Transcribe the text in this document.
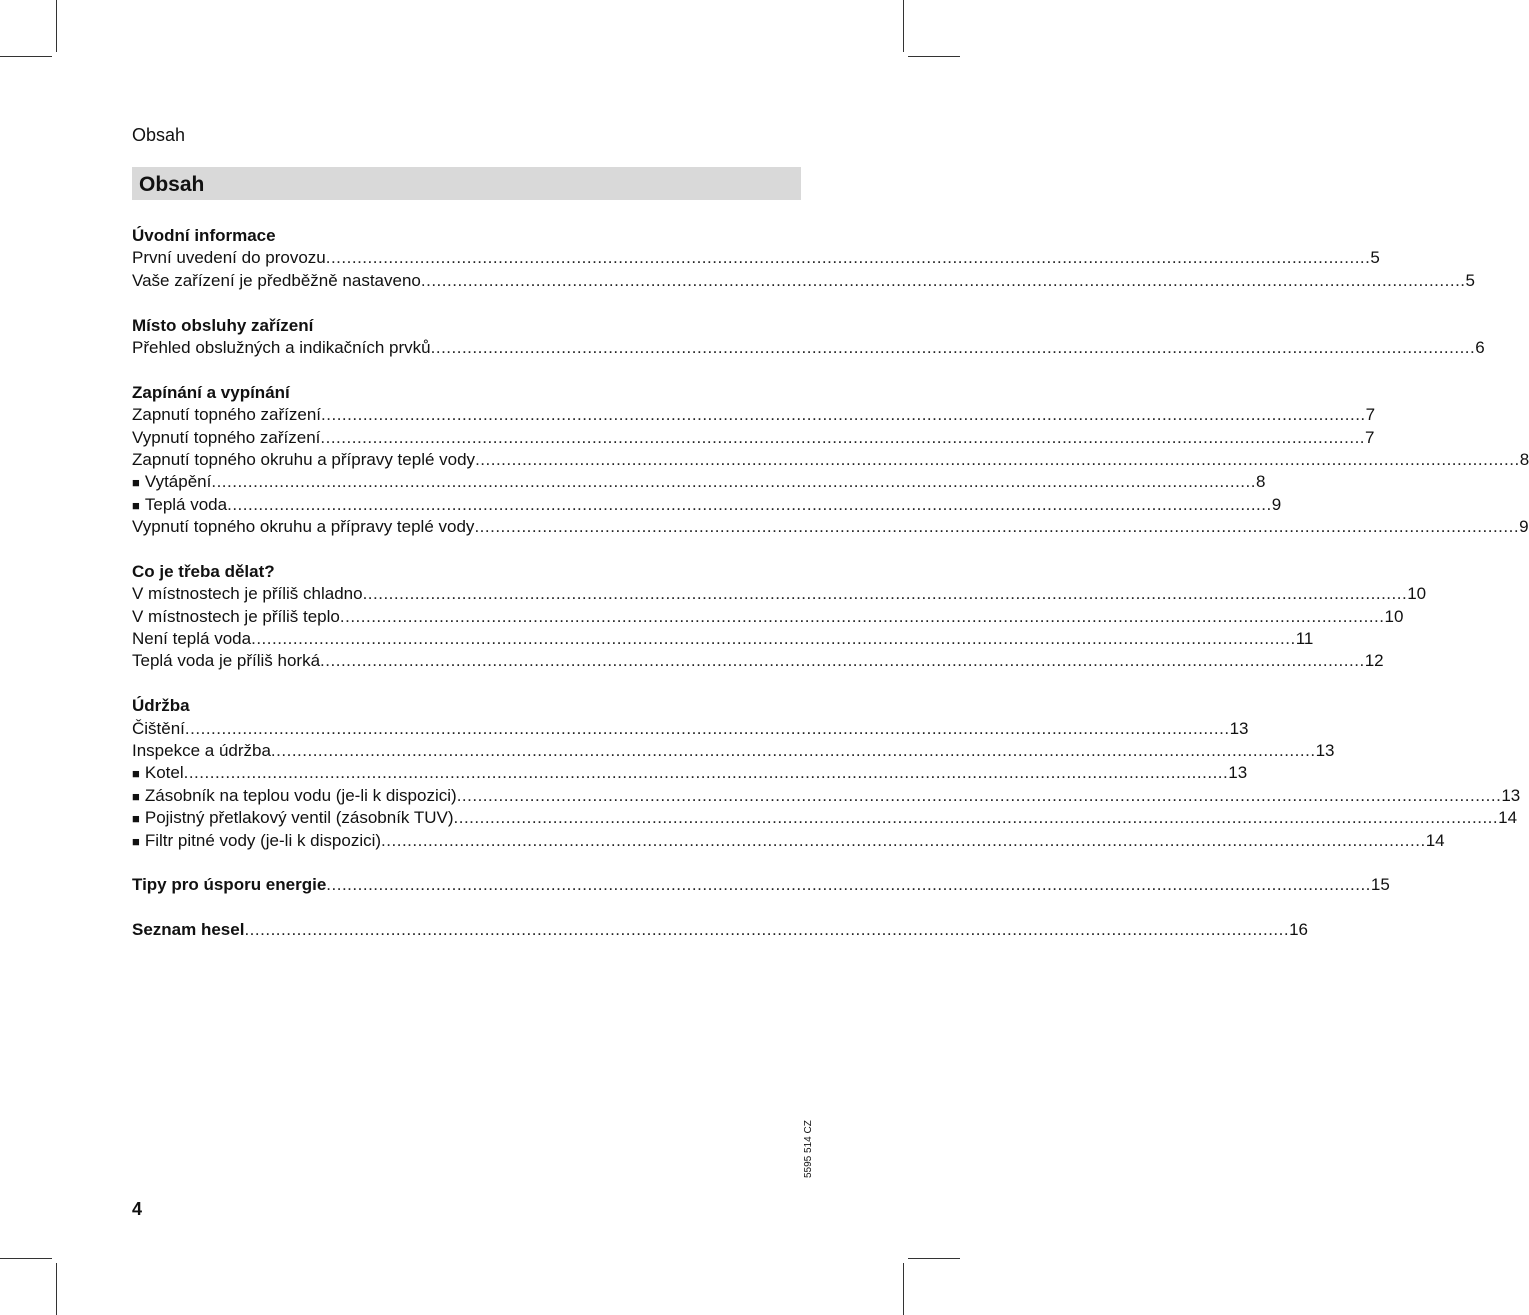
Obsah
Obsah
Úvodní informace
První uvedení do provozu ........................................................................................................................................................................................................ 5
Vaše zařízení je předběžně nastaveno ........................................................................................................................................................................................................ 5
Místo obsluhy zařízení
Přehled obslužných a indikačních prvků ........................................................................................................................................................................................................ 6
Zapínání a vypínání
Zapnutí topného zařízení ........................................................................................................................................................................................................ 7
Vypnutí topného zařízení ........................................................................................................................................................................................................ 7
Zapnutí topného okruhu a přípravy teplé vody ........................................................................................................................................................................................................ 8
■ Vytápění ........................................................................................................................................................................................................ 8
■ Teplá voda ........................................................................................................................................................................................................ 9
Vypnutí topného okruhu a přípravy teplé vody ........................................................................................................................................................................................................ 9
Co je třeba dělat?
V místnostech je příliš chladno ........................................................................................................................................................................................................ 10
V místnostech je příliš teplo ........................................................................................................................................................................................................ 10
Není teplá voda ........................................................................................................................................................................................................ 11
Teplá voda je příliš horká ........................................................................................................................................................................................................ 12
Údržba
Čištění ........................................................................................................................................................................................................ 13
Inspekce a údržba ........................................................................................................................................................................................................ 13
■ Kotel ........................................................................................................................................................................................................ 13
■ Zásobník na teplou vodu (je-li k dispozici) ........................................................................................................................................................................................................ 13
■ Pojistný přetlakový ventil (zásobník TUV) ........................................................................................................................................................................................................ 14
■ Filtr pitné vody (je-li k dispozici) ........................................................................................................................................................................................................ 14
Tipy pro úsporu energie ........................................................................................................................................................................................................ 15
Seznam hesel ........................................................................................................................................................................................................ 16
4
5595 514 CZ
